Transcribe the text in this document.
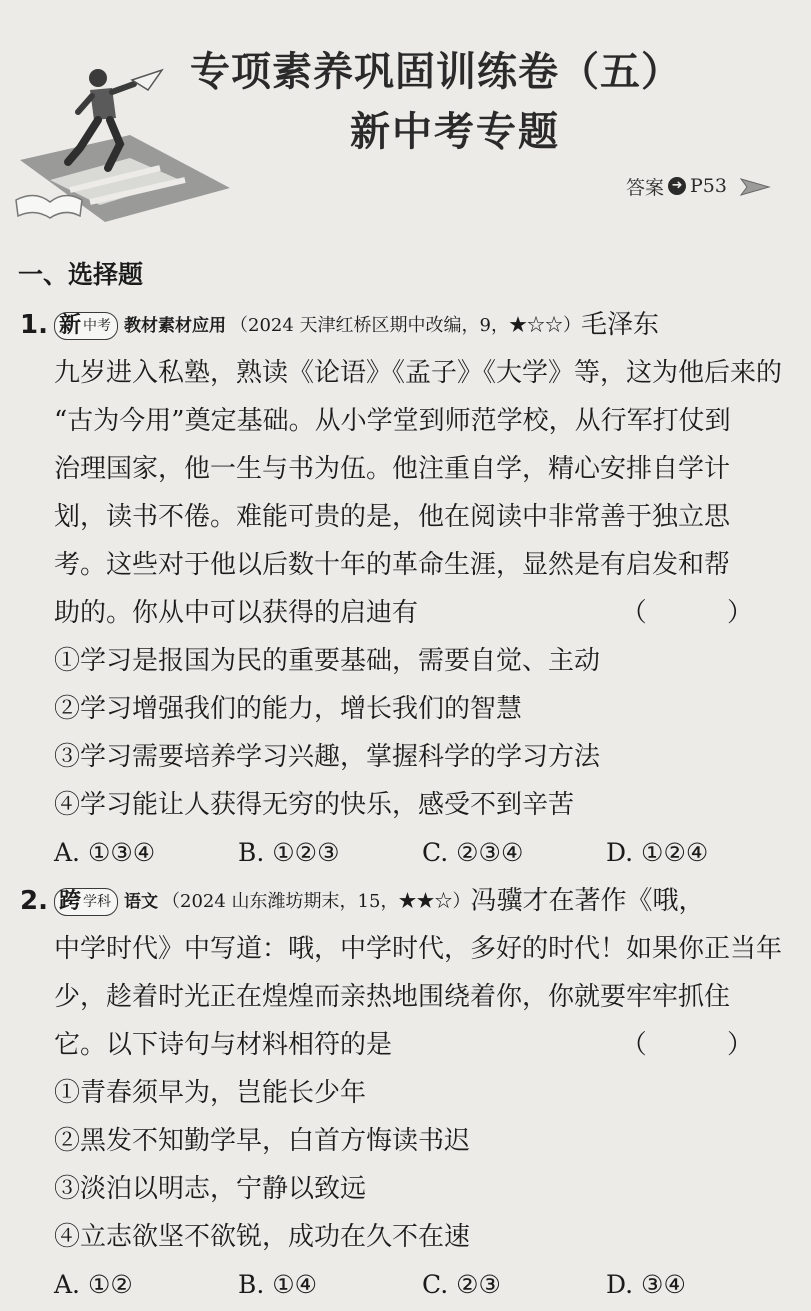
专项素养巩固训练卷（五）
新中考专题
答案 ➜ P53
一、选择题
1. 新 中考 教材素材应用 （2024 天津红桥区期中改编，9，★☆☆）毛泽东
九岁进入私塾，熟读《论语》《孟子》《大学》等，这为他后来的
“古为今用”奠定基础。从小学堂到师范学校，从行军打仗到
治理国家，他一生与书为伍。他注重自学，精心安排自学计
划，读书不倦。难能可贵的是，他在阅读中非常善于独立思
考。这些对于他以后数十年的革命生涯，显然是有启发和帮
助的。你从中可以获得的启迪有	（ ）
①学习是报国为民的重要基础，需要自觉、主动
②学习增强我们的能力，增长我们的智慧
③学习需要培养学习兴趣，掌握科学的学习方法
④学习能让人获得无穷的快乐，感受不到辛苦
A. ①③④	B. ①②③	C. ②③④	D. ①②④
2. 跨 学科 语文 （2024 山东潍坊期末，15，★★☆）冯骥才在著作《哦，
中学时代》中写道：哦，中学时代，多好的时代！如果你正当年
少，趁着时光正在煌煌而亲热地围绕着你，你就要牢牢抓住
它。以下诗句与材料相符的是	（ ）
①青春须早为，岂能长少年
②黑发不知勤学早，白首方悔读书迟
③淡泊以明志，宁静以致远
④立志欲坚不欲锐，成功在久不在速
A. ①②	B. ①④	C. ②③	D. ③④
